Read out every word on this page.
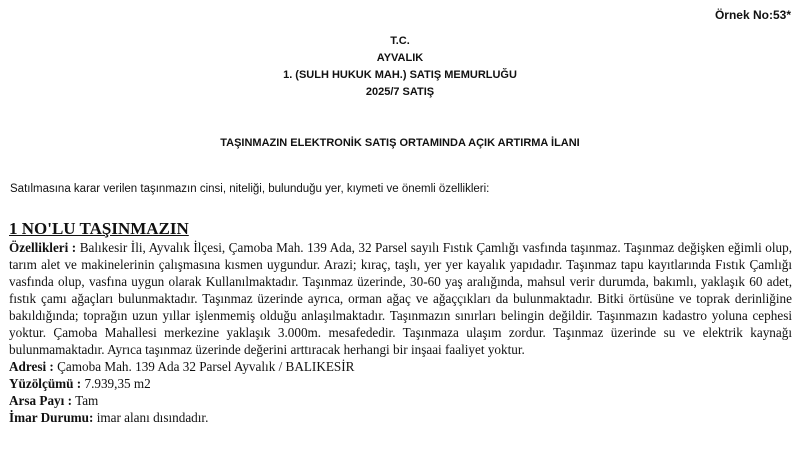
Örnek No:53*
T.C.
AYVALIK
1. (SULH HUKUK MAH.) SATIŞ MEMURLUĞU
2025/7 SATIŞ
TAŞINMAZIN ELEKTRONİK SATIŞ ORTAMINDA AÇIK ARTIRMA İLANI
Satılmasına karar verilen taşınmazın cinsi, niteliği, bulunduğu yer, kıymeti ve önemli özellikleri:
1 NO'LU TAŞINMAZIN

Özellikleri : Balıkesir İli, Ayvalık İlçesi, Çamoba Mah. 139 Ada, 32 Parsel sayılı Fıstık Çamlığı vasfında taşınmaz. Taşınmaz değişken eğimli olup, tarım alet ve makinelerinin çalışmasına kısmen uygundur. Arazi; kıraç, taşlı, yer yer kayalık yapıdadır. Taşınmaz tapu kayıtlarında Fıstık Çamlığı vasfında olup, vasfına uygun olarak Kullanılmaktadır. Taşınmaz üzerinde, 30-60 yaş aralığında, mahsul verir durumda, bakımlı, yaklaşık 60 adet, fıstık çamı ağaçları bulunmaktadır. Taşınmaz üzerinde ayrıca, orman ağaç ve ağaççıkları da bulunmaktadır. Bitki örtüsüne ve toprak derinliğine bakıldığında; toprağın uzun yıllar işlenmemiş olduğu anlaşılmaktadır. Taşınmazın sınırları belingin değildir. Taşınmazın kadastro yoluna cephesi yoktur. Çamoba Mahallesi merkezine yaklaşık 3.000m. mesafededir. Taşınmaza ulaşım zordur. Taşınmaz üzerinde su ve elektrik kaynağı bulunmamaktadır. Ayrıca taşınmaz üzerinde değerini arttıracak herhangi bir inşaai faaliyet yoktur.

Adresi : Çamoba Mah. 139 Ada 32 Parsel Ayvalık / BALIKESİR

Yüzölçümü : 7.939,35 m2

Arsa Payı : Tam

İmar Durumu: imar alanı dısındadır.
